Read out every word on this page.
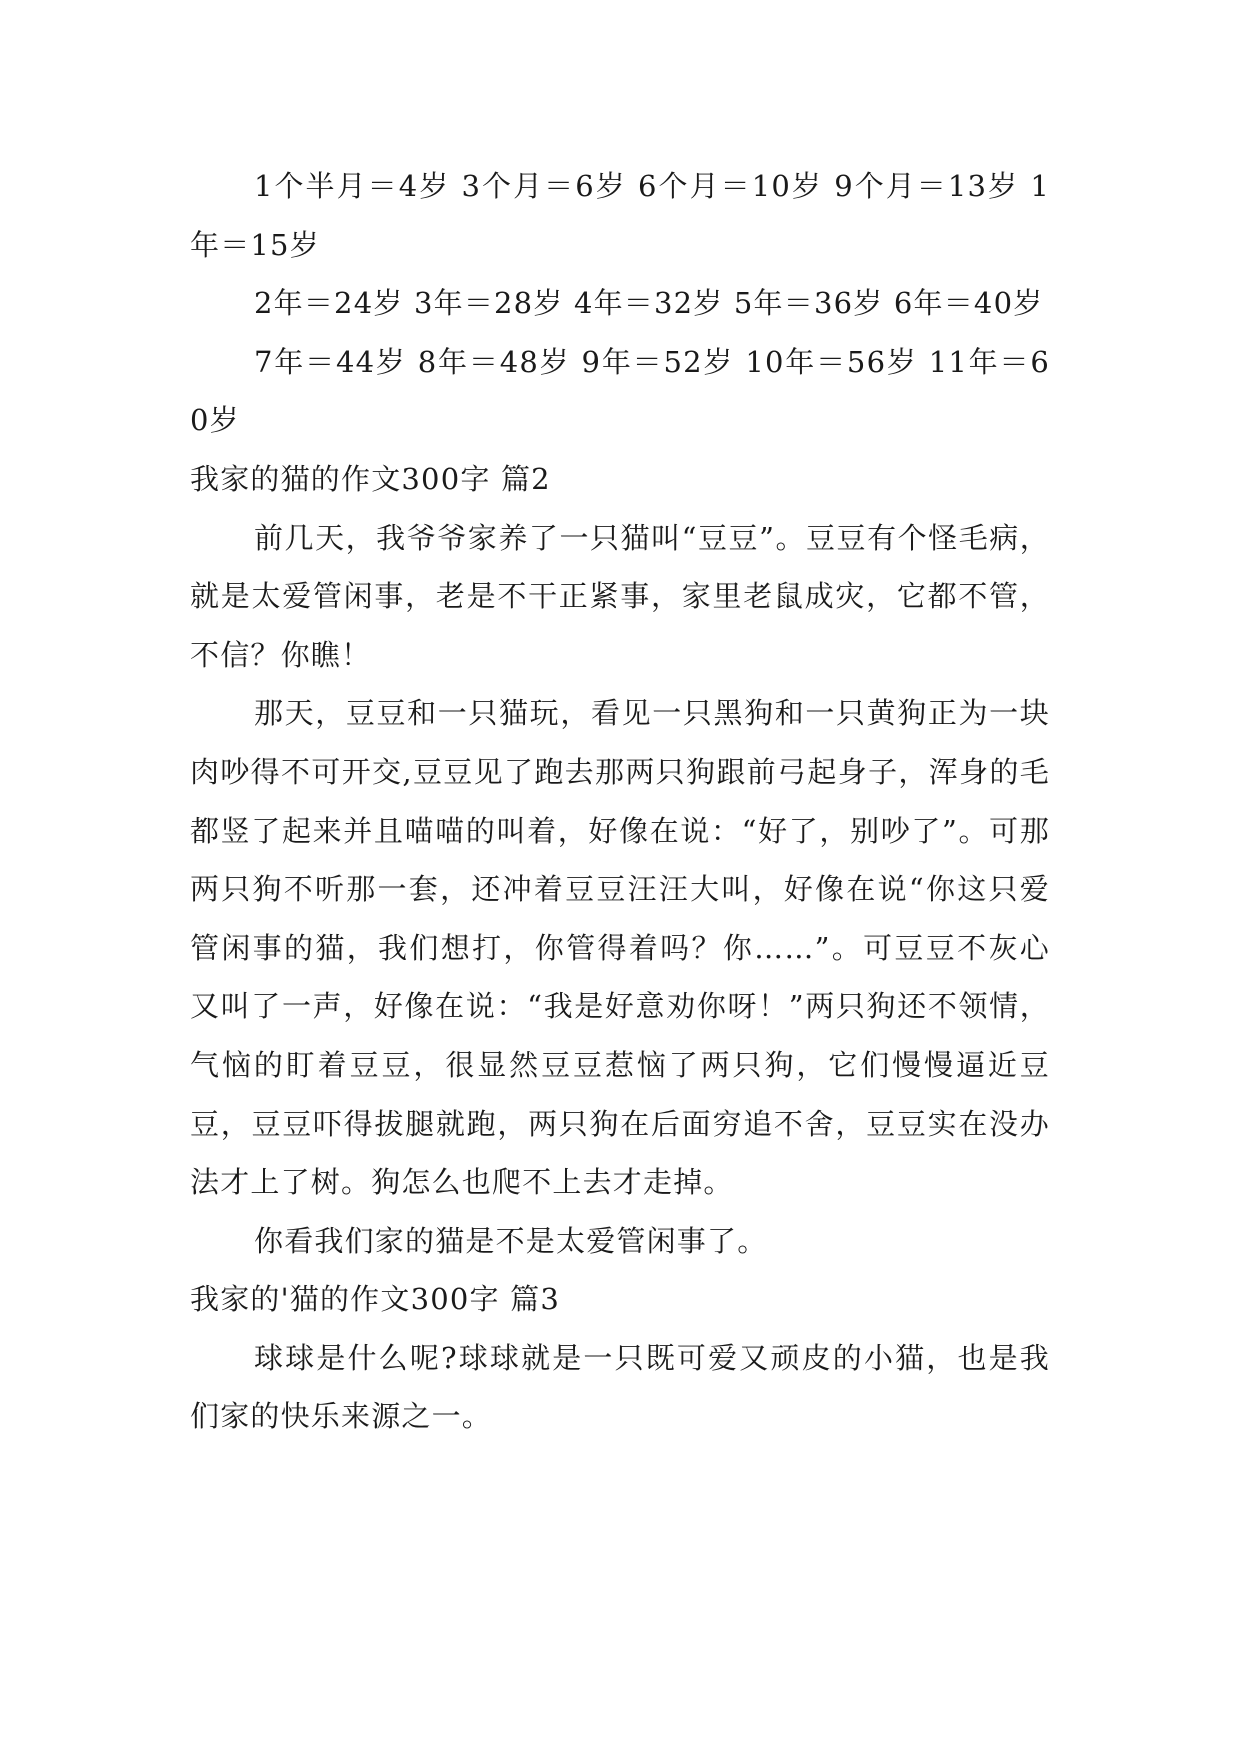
1个半月＝4岁 3个月＝6岁 6个月＝10岁 9个月＝13岁 1年＝15岁

2年＝24岁 3年＝28岁 4年＝32岁 5年＝36岁 6年＝40岁

7年＝44岁 8年＝48岁 9年＝52岁 10年＝56岁 11年＝60岁

我家的猫的作文300字 篇2

前几天，我爷爷家养了一只猫叫“豆豆”。豆豆有个怪毛病，就是太爱管闲事，老是不干正紧事，家里老鼠成灾，它都不管，不信？你瞧！

那天，豆豆和一只猫玩，看见一只黑狗和一只黄狗正为一块肉吵得不可开交,豆豆见了跑去那两只狗跟前弓起身子，浑身的毛都竖了起来并且喵喵的叫着，好像在说：“好了，别吵了”。可那两只狗不听那一套，还冲着豆豆汪汪大叫，好像在说“你这只爱管闲事的猫，我们想打，你管得着吗？你……”。可豆豆不灰心又叫了一声，好像在说：“我是好意劝你呀！”两只狗还不领情，气恼的盯着豆豆，很显然豆豆惹恼了两只狗，它们慢慢逼近豆豆，豆豆吓得拔腿就跑，两只狗在后面穷追不舍，豆豆实在没办法才上了树。狗怎么也爬不上去才走掉。

你看我们家的猫是不是太爱管闲事了。

我家的'猫的作文300字 篇3

球球是什么呢?球球就是一只既可爱又顽皮的小猫，也是我们家的快乐来源之一。
